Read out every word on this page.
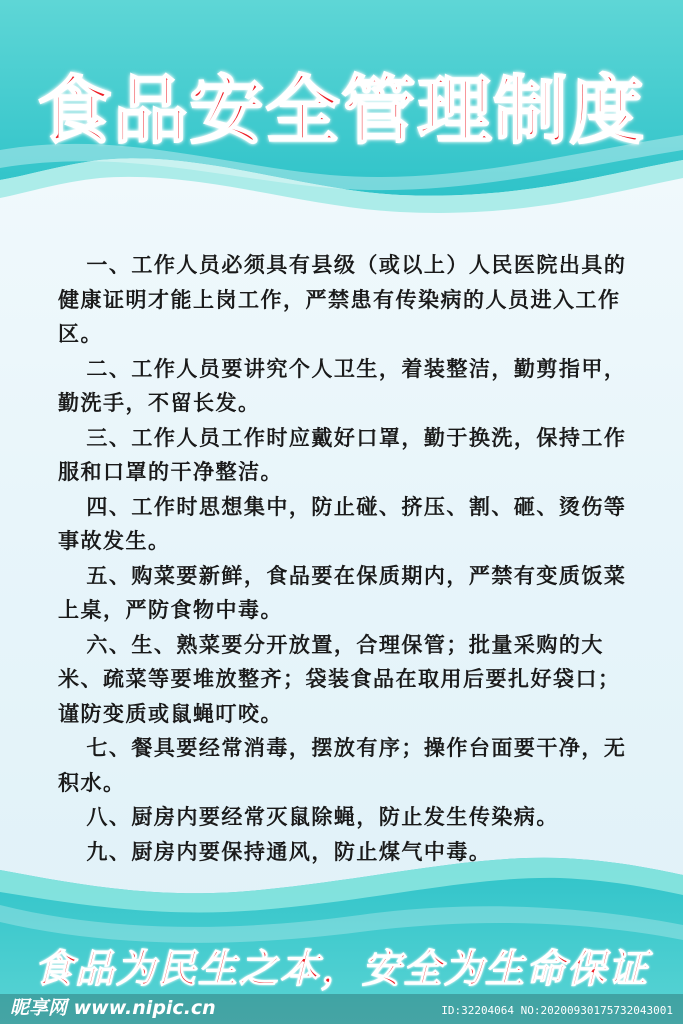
食品安全管理制度

一、工作人员必须具有县级（或以上）人民医院出具的健康证明才能上岗工作，严禁患有传染病的人员进入工作区。

二、工作人员要讲究个人卫生，着装整洁，勤剪指甲，勤洗手，不留长发。

三、工作人员工作时应戴好口罩，勤于换洗，保持工作服和口罩的干净整洁。

四、工作时思想集中，防止碰、挤压、割、砸、烫伤等事故发生。

五、购菜要新鲜，食品要在保质期内，严禁有变质饭菜上桌，严防食物中毒。

六、生、熟菜要分开放置，合理保管；批量采购的大米、疏菜等要堆放整齐；袋装食品在取用后要扎好袋口；谨防变质或鼠蝇叮咬。

七、餐具要经常消毒，摆放有序；操作台面要干净，无积水。

八、厨房内要经常灭鼠除蝇，防止发生传染病。

九、厨房内要保持通风，防止煤气中毒。

食品为民生之本，安全为生命保证
昵享网 www.nipic.cn	ID:32204064 NO:20200930175732043001
